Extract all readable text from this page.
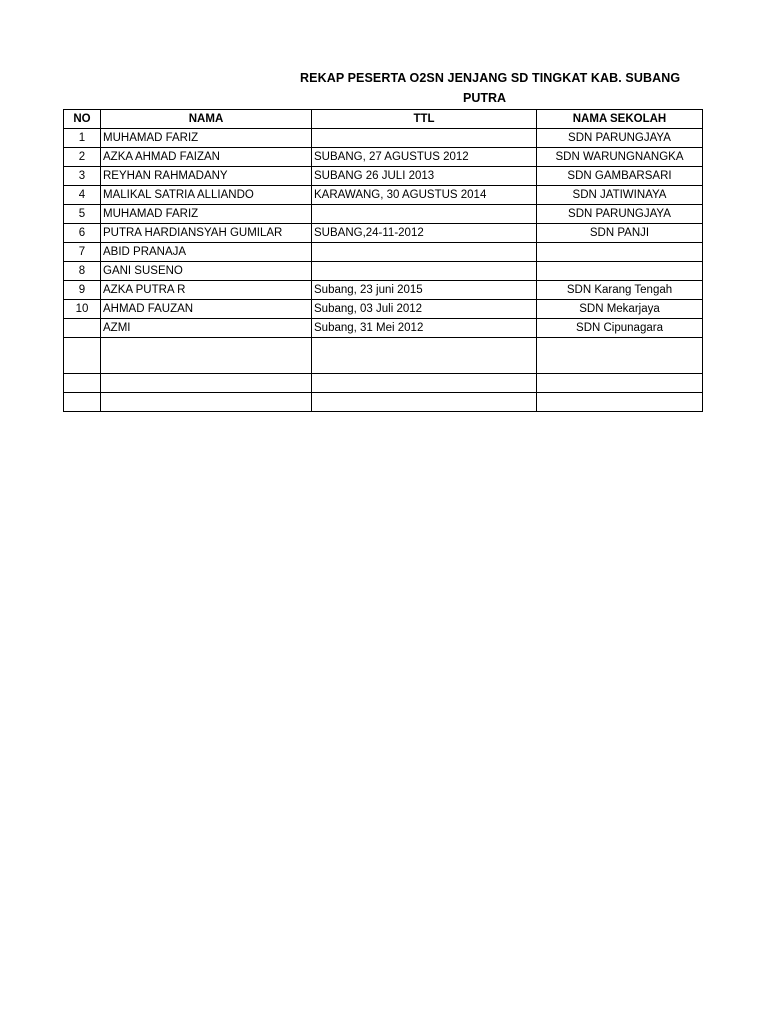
REKAP PESERTA O2SN JENJANG SD TINGKAT KAB. SUBANG
PUTRA
NO	NAMA	TTL	NAMA SEKOLAH
1	MUHAMAD FARIZ		SDN PARUNGJAYA
2	AZKA AHMAD FAIZAN	SUBANG, 27 AGUSTUS 2012	SDN WARUNGNANGKA
3	REYHAN RAHMADANY	SUBANG 26 JULI 2013	SDN GAMBARSARI
4	MALIKAL SATRIA ALLIANDO	KARAWANG, 30 AGUSTUS 2014	SDN JATIWINAYA
5	MUHAMAD FARIZ		SDN PARUNGJAYA
6	PUTRA HARDIANSYAH GUMILAR	SUBANG,24-11-2012	SDN PANJI
7	ABID PRANAJA		
8	GANI SUSENO		
9	AZKA PUTRA R	Subang, 23 juni 2015	SDN Karang Tengah
10	AHMAD FAUZAN	Subang, 03 Juli 2012	SDN Mekarjaya
	AZMI	Subang, 31 Mei 2012	SDN Cipunagara
